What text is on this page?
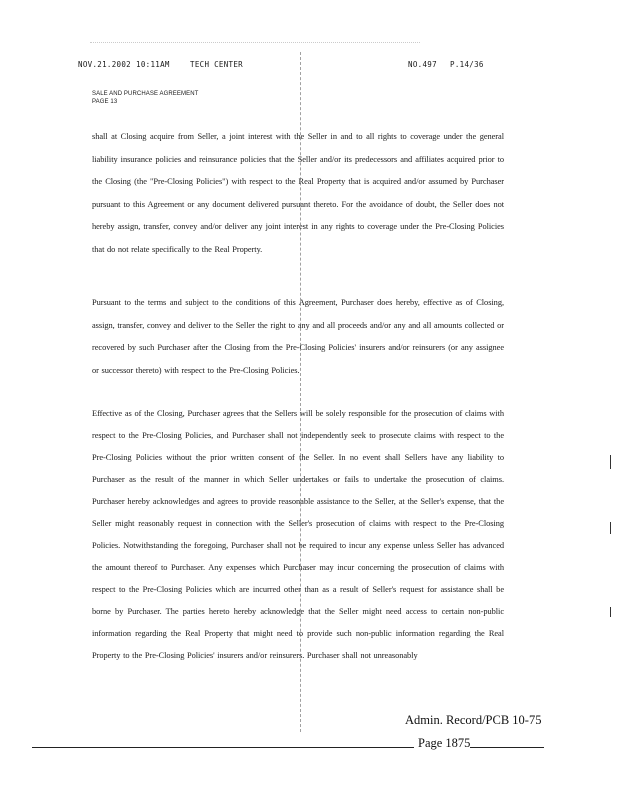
NOV.21.2002 10:11AM	TECH CENTER	NO.497 P.14/36
SALE AND PURCHASE AGREEMENT
PAGE 13
shall at Closing acquire from Seller, a joint interest with the Seller in and to all rights to coverage under the general liability insurance policies and reinsurance policies that the Seller and/or its predecessors and affiliates acquired prior to the Closing (the "Pre-Closing Policies") with respect to the Real Property that is acquired and/or assumed by Purchaser pursuant to this Agreement or any document delivered pursuant thereto. For the avoidance of doubt, the Seller does not hereby assign, transfer, convey and/or deliver any joint interest in any rights to coverage under the Pre-Closing Policies that do not relate specifically to the Real Property.
Pursuant to the terms and subject to the conditions of this Agreement, Purchaser does hereby, effective as of Closing, assign, transfer, convey and deliver to the Seller the right to any and all proceeds and/or any and all amounts collected or recovered by such Purchaser after the Closing from the Pre-Closing Policies' insurers and/or reinsurers (or any assignee or successor thereto) with respect to the Pre-Closing Policies.
Effective as of the Closing, Purchaser agrees that the Sellers will be solely responsible for the prosecution of claims with respect to the Pre-Closing Policies, and Purchaser shall not independently seek to prosecute claims with respect to the Pre-Closing Policies without the prior written consent of the Seller. In no event shall Sellers have any liability to Purchaser as the result of the manner in which Seller undertakes or fails to undertake the prosecution of claims. Purchaser hereby acknowledges and agrees to provide reasonable assistance to the Seller, at the Seller's expense, that the Seller might reasonably request in connection with the Seller's prosecution of claims with respect to the Pre-Closing Policies. Notwithstanding the foregoing, Purchaser shall not be required to incur any expense unless Seller has advanced the amount thereof to Purchaser. Any expenses which Purchaser may incur concerning the prosecution of claims with respect to the Pre-Closing Policies which are incurred other than as a result of Seller's request for assistance shall be borne by Purchaser. The parties hereto hereby acknowledge that the Seller might need access to certain non-public information regarding the Real Property that might need to provide such non-public information regarding the Real Property to the Pre-Closing Policies' insurers and/or reinsurers. Purchaser shall not unreasonably
Admin. Record/PCB 10-75
Page 1875
